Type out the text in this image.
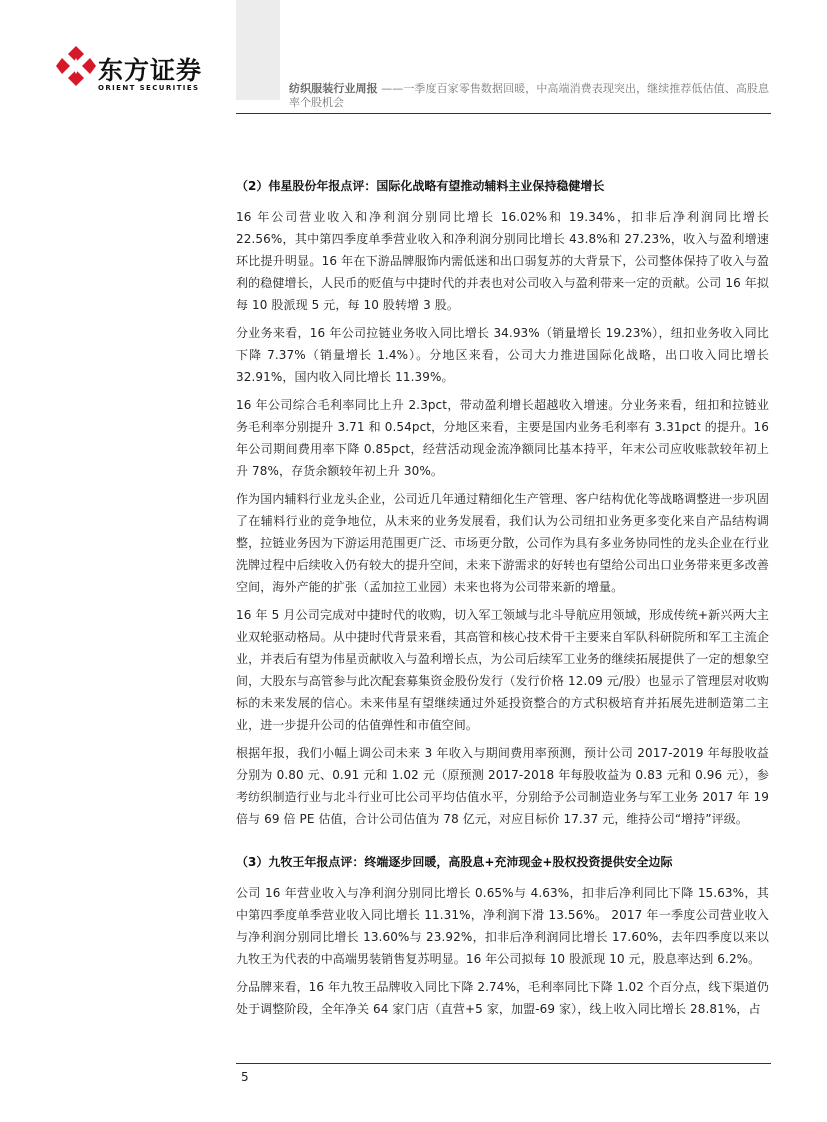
东方证券
ORIENT SECURITIES	纺织服装行业周报 ——一季度百家零售数据回暖，中高端消费表现突出，继续推荐低估值、高股息率个股机会
（2）伟星股份年报点评：国际化战略有望推动辅料主业保持稳健增长

16 年公司营业收入和净利润分别同比增长 16.02%和 19.34%，扣非后净利润同比增长 22.56%，其中第四季度单季营业收入和净利润分别同比增长 43.8%和 27.23%，收入与盈利增速环比提升明显。16 年在下游品牌服饰内需低迷和出口弱复苏的大背景下，公司整体保持了收入与盈利的稳健增长，人民币的贬值与中捷时代的并表也对公司收入与盈利带来一定的贡献。公司 16 年拟每 10 股派现 5 元，每 10 股转增 3 股。

分业务来看，16 年公司拉链业务收入同比增长 34.93%（销量增长 19.23%），纽扣业务收入同比下降 7.37%（销量增长 1.4%）。分地区来看，公司大力推进国际化战略，出口收入同比增长 32.91%，国内收入同比增长 11.39%。

16 年公司综合毛利率同比上升 2.3pct，带动盈利增长超越收入增速。分业务来看，纽扣和拉链业务毛利率分别提升 3.71 和 0.54pct，分地区来看，主要是国内业务毛利率有 3.31pct 的提升。16 年公司期间费用率下降 0.85pct，经营活动现金流净额同比基本持平，年末公司应收账款较年初上升 78%，存货余额较年初上升 30%。

作为国内辅料行业龙头企业，公司近几年通过精细化生产管理、客户结构优化等战略调整进一步巩固了在辅料行业的竞争地位，从未来的业务发展看，我们认为公司纽扣业务更多变化来自产品结构调整，拉链业务因为下游运用范围更广泛、市场更分散，公司作为具有多业务协同性的龙头企业在行业洗牌过程中后续收入仍有较大的提升空间，未来下游需求的好转也有望给公司出口业务带来更多改善空间，海外产能的扩张（孟加拉工业园）未来也将为公司带来新的增量。

16 年 5 月公司完成对中捷时代的收购，切入军工领域与北斗导航应用领域，形成传统+新兴两大主业双轮驱动格局。从中捷时代背景来看，其高管和核心技术骨干主要来自军队科研院所和军工主流企业，并表后有望为伟星贡献收入与盈利增长点，为公司后续军工业务的继续拓展提供了一定的想象空间，大股东与高管参与此次配套募集资金股份发行（发行价格 12.09 元/股）也显示了管理层对收购标的未来发展的信心。未来伟星有望继续通过外延投资整合的方式积极培育并拓展先进制造第二主业，进一步提升公司的估值弹性和市值空间。

根据年报，我们小幅上调公司未来 3 年收入与期间费用率预测，预计公司 2017-2019 年每股收益分别为 0.80 元、0.91 元和 1.02 元（原预测 2017-2018 年每股收益为 0.83 元和 0.96 元），参考纺织制造行业与北斗行业可比公司平均估值水平，分别给予公司制造业务与军工业务 2017 年 19 倍与 69 倍 PE 估值，合计公司估值为 78 亿元，对应目标价 17.37 元，维持公司“增持”评级。

（3）九牧王年报点评：终端逐步回暖，高股息+充沛现金+股权投资提供安全边际

公司 16 年营业收入与净利润分别同比增长 0.65%与 4.63%，扣非后净利同比下降 15.63%，其中第四季度单季营业收入同比增长 11.31%，净利润下滑 13.56%。 2017 年一季度公司营业收入与净利润分别同比增长 13.60%与 23.92%，扣非后净利润同比增长 17.60%，去年四季度以来以九牧王为代表的中高端男装销售复苏明显。16 年公司拟每 10 股派现 10 元，股息率达到 6.2%。

分品牌来看，16 年九牧王品牌收入同比下降 2.74%，毛利率同比下降 1.02 个百分点，线下渠道仍处于调整阶段，全年净关 64 家门店（直营+5 家，加盟-69 家），线上收入同比增长 28.81%，占

5
